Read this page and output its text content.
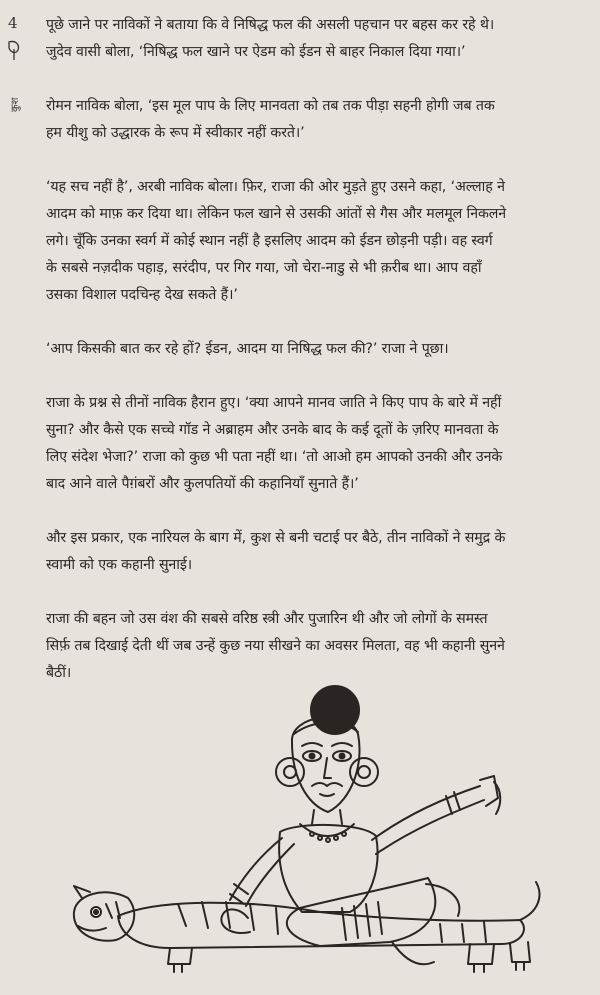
4
कुश

पूछे जाने पर नाविकों ने बताया कि वे निषिद्ध फल की असली पहचान पर बहस कर रहे थे।
जुदेव वासी बोला, ‘निषिद्ध फल खाने पर ऐडम को ईडन से बाहर निकाल दिया गया।’

रोमन नाविक बोला, ‘इस मूल पाप के लिए मानवता को तब तक पीड़ा सहनी होगी जब तक
हम यीशु को उद्धारक के रूप में स्वीकार नहीं करते।’

‘यह सच नहीं है’, अरबी नाविक बोला। फ़िर, राजा की ओर मुड़ते हुए उसने कहा, ‘अल्लाह ने
आदम को माफ़ कर दिया था। लेकिन फल खाने से उसकी आंतों से गैस और मलमूल निकलने
लगे। चूँकि उनका स्वर्ग में कोई स्थान नहीं है इसलिए आदम को ईडन छोड़नी पड़ी। वह स्वर्ग
के सबसे नज़दीक पहाड़, सरंदीप, पर गिर गया, जो चेरा-नाडु से भी क़रीब था। आप वहाँ
उसका विशाल पदचिन्ह देख सकते हैं।’

‘आप किसकी बात कर रहे हों? ईडन, आदम या निषिद्ध फल की?’ राजा ने पूछा।

राजा के प्रश्न से तीनों नाविक हैरान हुए। ‘क्या आपने मानव जाति ने किए पाप के बारे में नहीं
सुना? और कैसे एक सच्चे गॉड ने अब्राहम और उनके बाद के कई दूतों के ज़रिए मानवता के
लिए संदेश भेजा?’ राजा को कुछ भी पता नहीं था। ‘तो आओ हम आपको उनकी और उनके
बाद आने वाले पैग़ंबरों और कुलपतियों की कहानियाँ सुनाते हैं।’

और इस प्रकार, एक नारियल के बाग में, कुश से बनी चटाई पर बैठे, तीन नाविकों ने समुद्र के
स्वामी को एक कहानी सुनाई।

राजा की बहन जो उस वंश की सबसे वरिष्ठ स्त्री और पुजारिन थी और जो लोगों के समस्त
सिर्फ़ तब दिखाई देती थीं जब उन्हें कुछ नया सीखने का अवसर मिलता, वह भी कहानी सुनने
बैठीं।
